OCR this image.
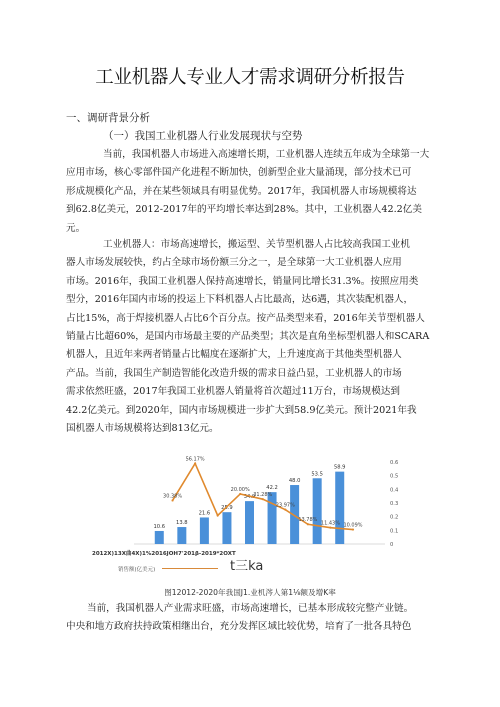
工业机器人专业人才需求调研分析报告
一、调研背景分析
（一）我国工业机器人行业发展现状与空势
当前，我国机器人市场进入高速增长期，工业机器人连续五年成为全球第一大
应用市场，核心零部件国产化进程不断加快，创新型企业大量涌现，部分技术已可
形成规模化产品，并在某些领域具有明显优势。2017年，我国机器人市场规模将达
到62.8亿美元，2012-2017年的平均增长率达到28%。其中，工业机器人42.2亿美
元。
工业机器人：市场高速增长，搬运型、关节型机器人占比较高我国工业机
器人市场发展较快，约占全球市场份额三分之一，是全球第一大工业机器人应用
市场。2016年，我国工业机器人保持高速增长，销量同比增长31.3%。按照应用类
型分，2016年国内市场的投运上下料机器人占比最高，达6遇，其次装配机器人，
占比15%，高于焊接机器人占比6个百分点。按产品类型来看，2016年关节型机器人
销量占比超60%，是国内市场最主要的产品类型；其次是直角坐标型机器人和SCARA
机器人，且近年来两者销量占比幅度在逐渐扩大，上升速度高于其他类型机器人
产品。当前，我国生产制造智能化改造升级的需求日益凸显，工业机器人的市场
需求依然旺盛，2017年我国工业机器人销量将首次超过11万台，市场规模达到
42.2亿美元。到2020年，国内市场规模进一步扩大到58.9亿美元。预计2021年我
国机器人市场规模将达到813亿元。
10.6
13.8
21.6
25.9
34.9
42.2
48.0
53.5
58.9
30.38%
56.17%
20.00%
31.28%
23.97%
13.78%
11.43% 10.09%
0.6
0.5
0.4
0.3
0.2
0.1
0
2012X)13X曲4X)1%2016JOH7'201β-2019*2OXT
销售额(亿美元)	t三ka
图12012-2020年我国J1.业机涔人第1⅛额及增K率
当前，我国机器人产业需求旺盛，市场高速增长，已基本形成较完整产业链。
中央和地方政府扶持政策相继出台，充分发挥区域比较优势，培育了一批各具特色
